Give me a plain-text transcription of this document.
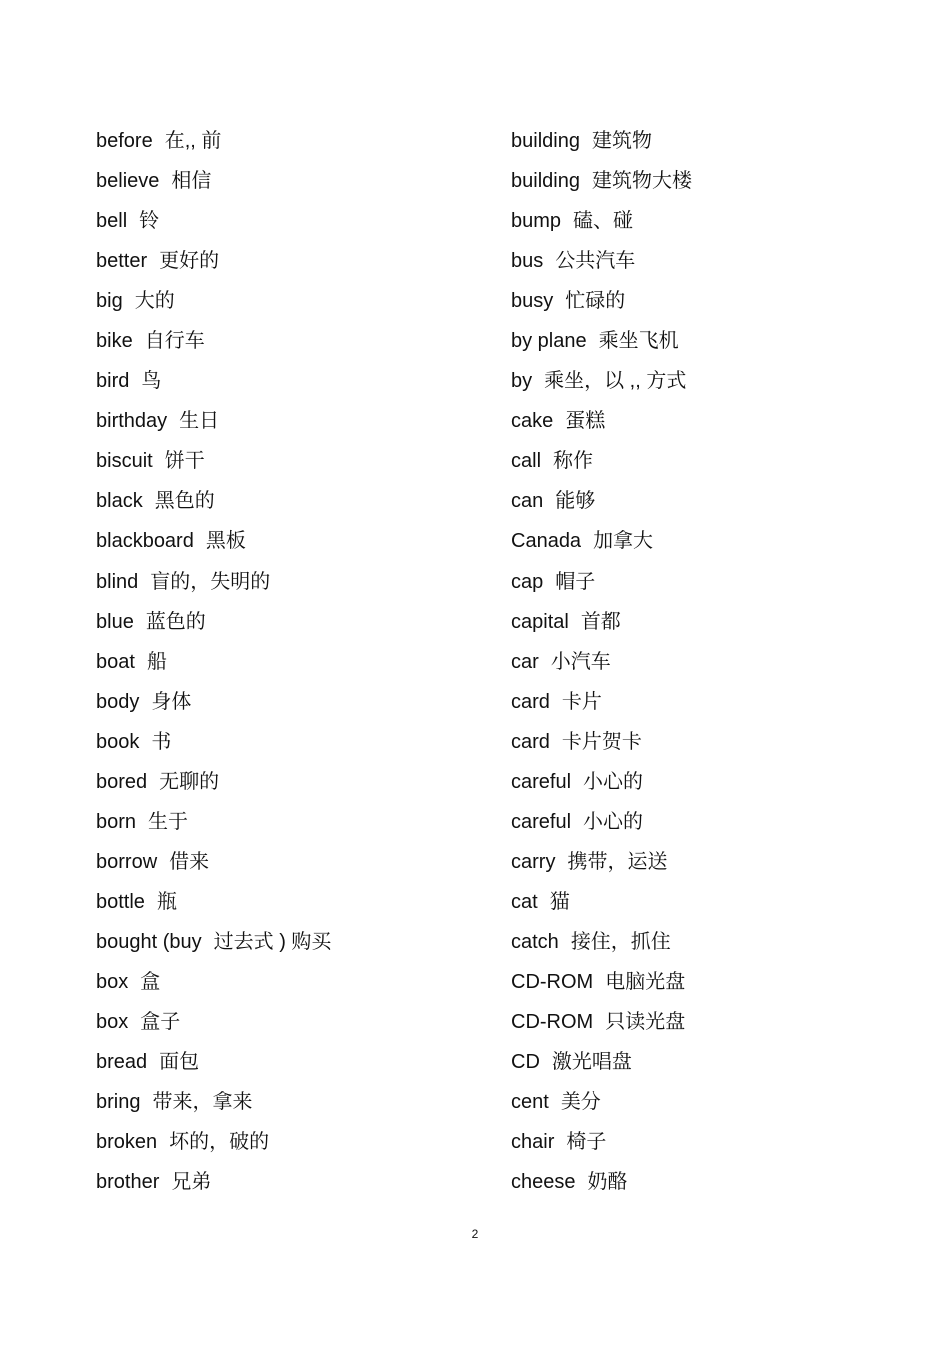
before 在,, 前
believe 相信
bell 铃
better 更好的
big 大的
bike 自行车
bird 鸟
birthday 生日
biscuit 饼干
black 黑色的
blackboard 黑板
blind 盲的，失明的
blue 蓝色的
boat 船
body 身体
book 书
bored 无聊的
born 生于
borrow 借来
bottle 瓶
bought (buy 过去式 ) 购买
box 盒
box 盒子
bread 面包
bring 带来，拿来
broken 坏的，破的
brother 兄弟
building 建筑物
building 建筑物大楼
bump 磕、碰
bus 公共汽车
busy 忙碌的
by plane 乘坐飞机
by 乘坐，以 ,, 方式
cake 蛋糕
call 称作
can 能够
Canada 加拿大
cap 帽子
capital 首都
car 小汽车
card 卡片
card 卡片贺卡
careful 小心的
careful 小心的
carry 携带，运送
cat 猫
catch 接住，抓住
CD-ROM 电脑光盘
CD-ROM 只读光盘
CD 激光唱盘
cent 美分
chair 椅子
cheese 奶酪
2
